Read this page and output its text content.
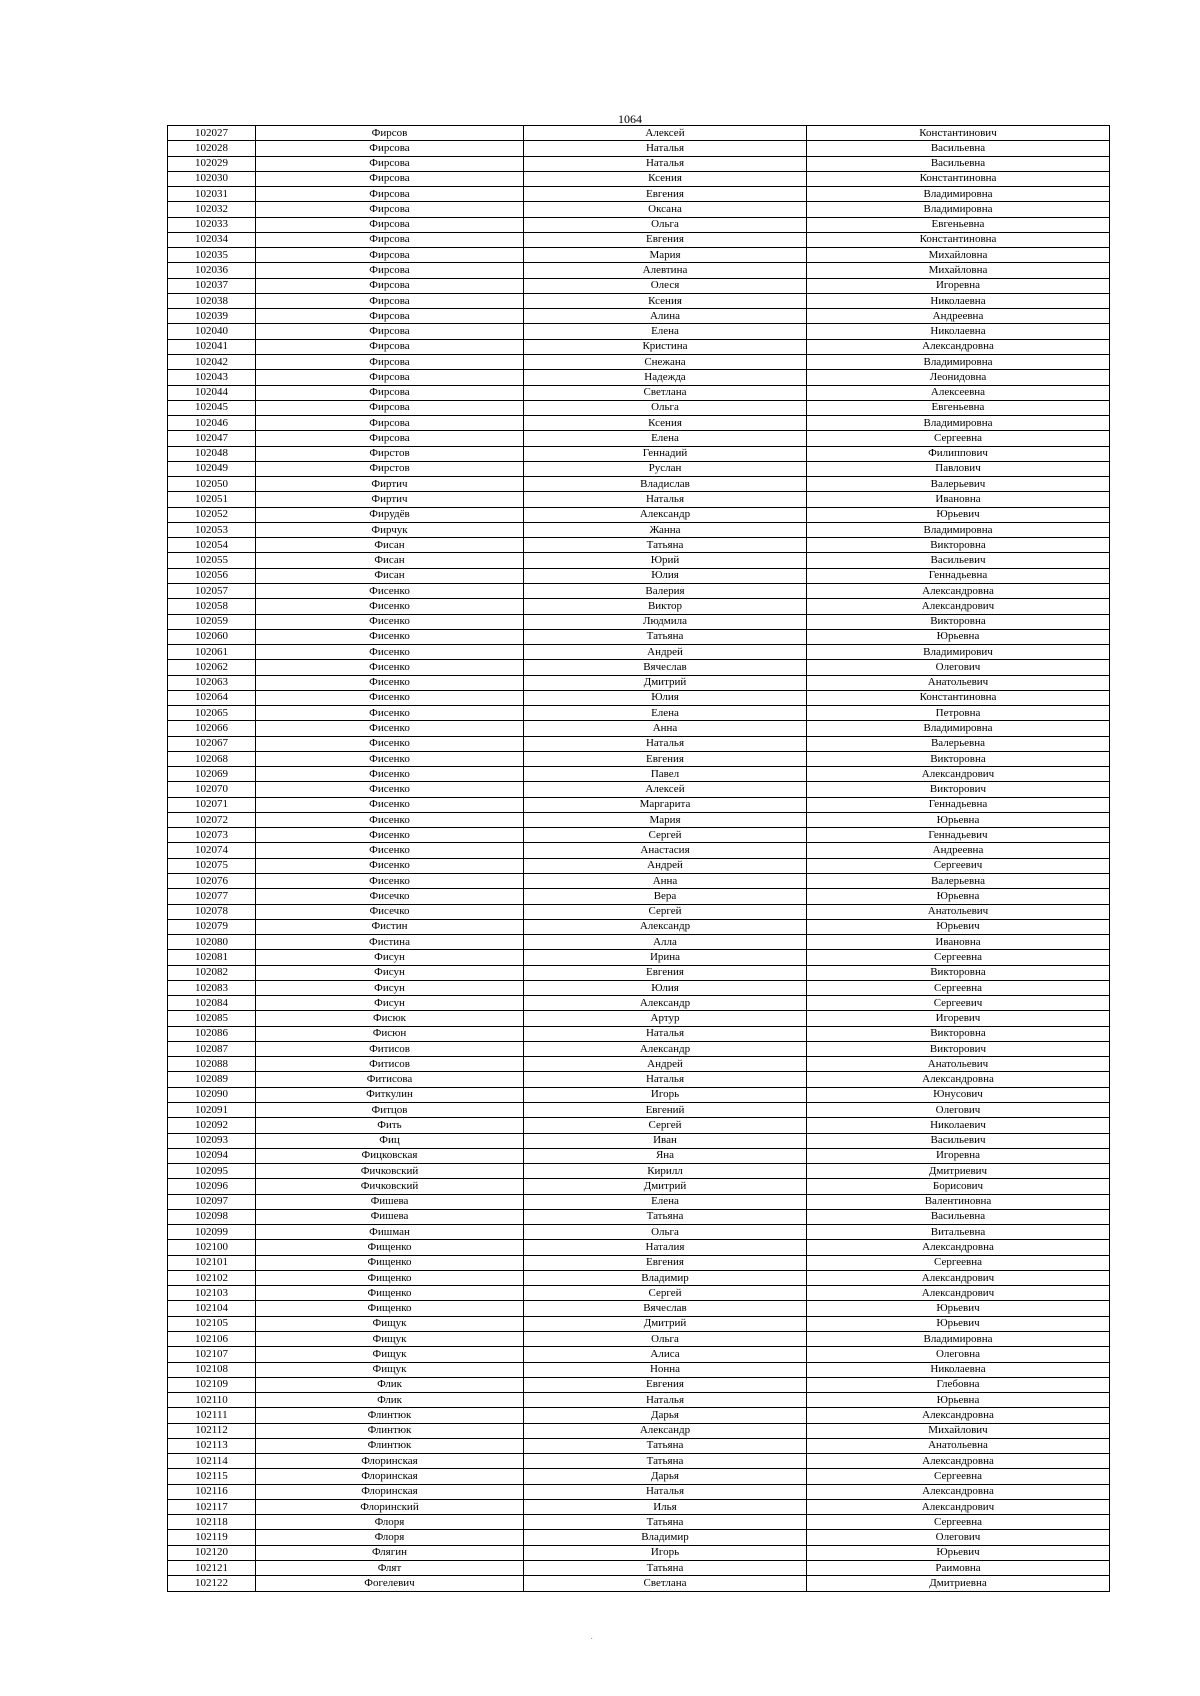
1064
102027	Фирсов	Алексей	Константинович
102028	Фирсова	Наталья	Васильевна
102029	Фирсова	Наталья	Васильевна
102030	Фирсова	Ксения	Константиновна
102031	Фирсова	Евгения	Владимировна
102032	Фирсова	Оксана	Владимировна
102033	Фирсова	Ольга	Евгеньевна
102034	Фирсова	Евгения	Константиновна
102035	Фирсова	Мария	Михайловна
102036	Фирсова	Алевтина	Михайловна
102037	Фирсова	Олеся	Игоревна
102038	Фирсова	Ксения	Николаевна
102039	Фирсова	Алина	Андреевна
102040	Фирсова	Елена	Николаевна
102041	Фирсова	Кристина	Александровна
102042	Фирсова	Снежана	Владимировна
102043	Фирсова	Надежда	Леонидовна
102044	Фирсова	Светлана	Алексеевна
102045	Фирсова	Ольга	Евгеньевна
102046	Фирсова	Ксения	Владимировна
102047	Фирсова	Елена	Сергеевна
102048	Фирстов	Геннадий	Филиппович
102049	Фирстов	Руслан	Павлович
102050	Фиртич	Владислав	Валерьевич
102051	Фиртич	Наталья	Ивановна
102052	Фирудёв	Александр	Юрьевич
102053	Фирчук	Жанна	Владимировна
102054	Фисан	Татьяна	Викторовна
102055	Фисан	Юрий	Васильевич
102056	Фисан	Юлия	Геннадьевна
102057	Фисенко	Валерия	Александровна
102058	Фисенко	Виктор	Александрович
102059	Фисенко	Людмила	Викторовна
102060	Фисенко	Татьяна	Юрьевна
102061	Фисенко	Андрей	Владимирович
102062	Фисенко	Вячеслав	Олегович
102063	Фисенко	Дмитрий	Анатольевич
102064	Фисенко	Юлия	Константиновна
102065	Фисенко	Елена	Петровна
102066	Фисенко	Анна	Владимировна
102067	Фисенко	Наталья	Валерьевна
102068	Фисенко	Евгения	Викторовна
102069	Фисенко	Павел	Александрович
102070	Фисенко	Алексей	Викторович
102071	Фисенко	Маргарита	Геннадьевна
102072	Фисенко	Мария	Юрьевна
102073	Фисенко	Сергей	Геннадьевич
102074	Фисенко	Анастасия	Андреевна
102075	Фисенко	Андрей	Сергеевич
102076	Фисенко	Анна	Валерьевна
102077	Фисечко	Вера	Юрьевна
102078	Фисечко	Сергей	Анатольевич
102079	Фистин	Александр	Юрьевич
102080	Фистина	Алла	Ивановна
102081	Фисун	Ирина	Сергеевна
102082	Фисун	Евгения	Викторовна
102083	Фисун	Юлия	Сергеевна
102084	Фисун	Александр	Сергеевич
102085	Фисюк	Артур	Игоревич
102086	Фисюн	Наталья	Викторовна
102087	Фитисов	Александр	Викторович
102088	Фитисов	Андрей	Анатольевич
102089	Фитисова	Наталья	Александровна
102090	Фиткулин	Игорь	Юнусович
102091	Фитцов	Евгений	Олегович
102092	Фить	Сергей	Николаевич
102093	Фиц	Иван	Васильевич
102094	Фицковская	Яна	Игоревна
102095	Фичковский	Кирилл	Дмитриевич
102096	Фичковский	Дмитрий	Борисович
102097	Фишева	Елена	Валентиновна
102098	Фишева	Татьяна	Васильевна
102099	Фишман	Ольга	Витальевна
102100	Фищенко	Наталия	Александровна
102101	Фищенко	Евгения	Сергеевна
102102	Фищенко	Владимир	Александрович
102103	Фищенко	Сергей	Александрович
102104	Фищенко	Вячеслав	Юрьевич
102105	Фищук	Дмитрий	Юрьевич
102106	Фищук	Ольга	Владимировна
102107	Фищук	Алиса	Олеговна
102108	Фищук	Нонна	Николаевна
102109	Флик	Евгения	Глебовна
102110	Флик	Наталья	Юрьевна
102111	Флинтюк	Дарья	Александровна
102112	Флинтюк	Александр	Михайлович
102113	Флинтюк	Татьяна	Анатольевна
102114	Флоринская	Татьяна	Александровна
102115	Флоринская	Дарья	Сергеевна
102116	Флоринская	Наталья	Александровна
102117	Флоринский	Илья	Александрович
102118	Флоря	Татьяна	Сергеевна
102119	Флоря	Владимир	Олегович
102120	Флягин	Игорь	Юрьевич
102121	Флят	Татьяна	Раимовна
102122	Фогелевич	Светлана	Дмитриевна
·
